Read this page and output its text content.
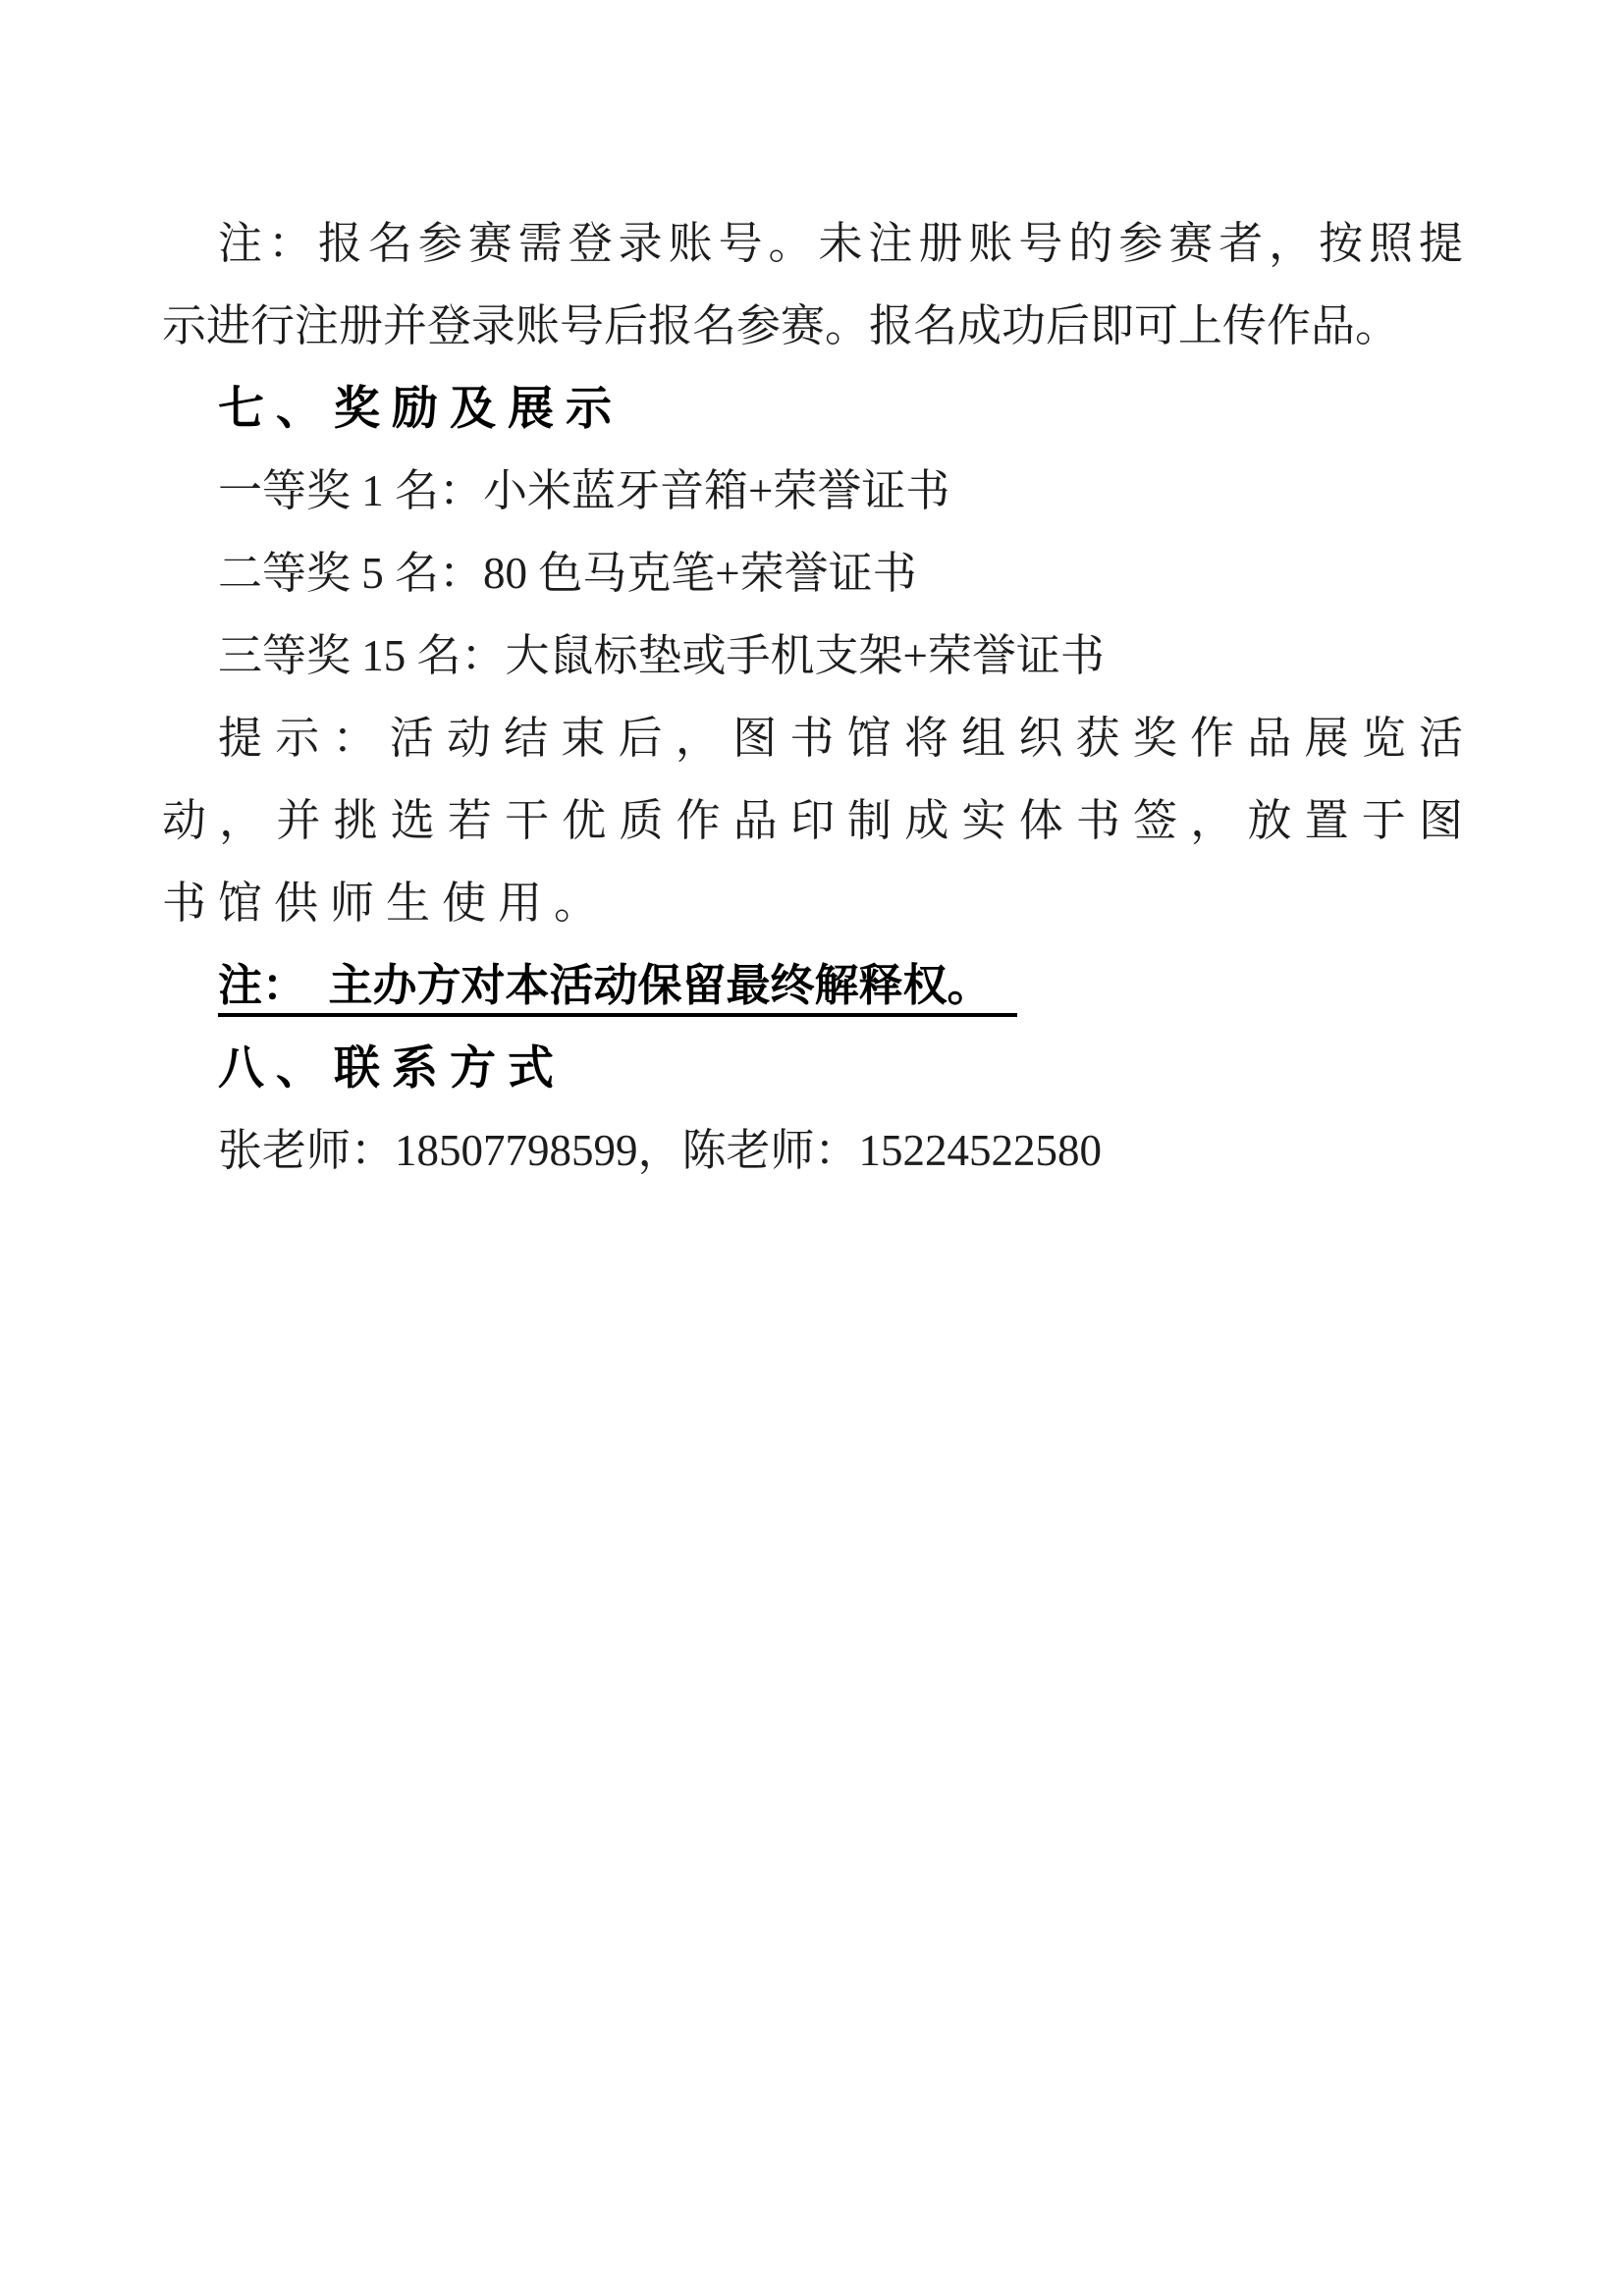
注：报名参赛需登录账号。未注册账号的参赛者，按照提
示进行注册并登录账号后报名参赛。报名成功后即可上传作品。
七、奖励及展示
一等奖 1 名：小米蓝牙音箱+荣誉证书
二等奖 5 名：80 色马克笔+荣誉证书
三等奖 15 名：大鼠标垫或手机支架+荣誉证书
提示：活动结束后，图书馆将组织获奖作品展览活
动，并挑选若干优质作品印制成实体书签，放置于图
书馆供师生使用。
注：　主办方对本活动保留最终解释权。
八、联系方式
张老师：18507798599，陈老师：15224522580
